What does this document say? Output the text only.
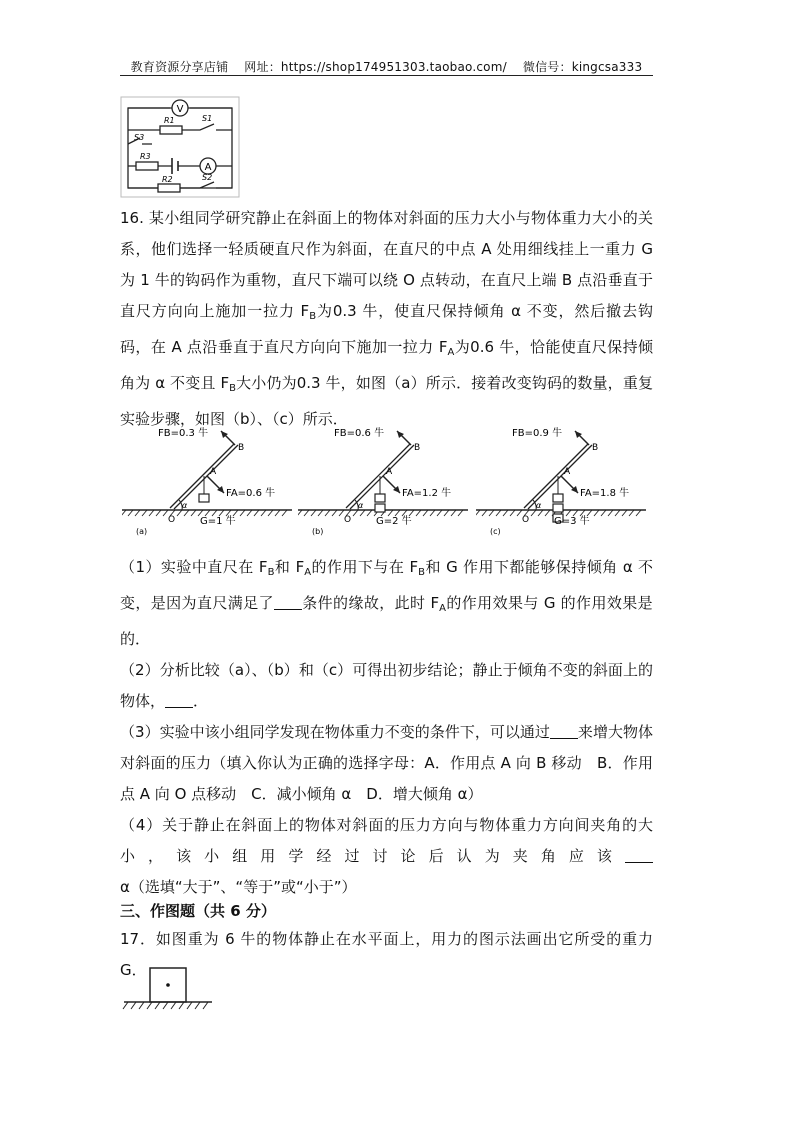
教育资源分享店铺 网址：https://shop174951303.taobao.com/ 微信号：kingcsa333
V
A
R1	S1
S3
R3
R2	S2

16. 某小组同学研究静止在斜面上的物体对斜面的压力大小与物体重力大小的关系，他们选择一轻质硬直尺作为斜面，在直尺的中点 A 处用细线挂上一重力 G 为 1 牛的钩码作为重物，直尺下端可以绕 O 点转动，在直尺上端 B 点沿垂直于直尺方向向上施加一拉力 $F_B$为0.3 牛，使直尺保持倾角 α 不变，然后撤去钩码，在 A 点沿垂直于直尺方向向下施加一拉力 $F_A$为0.6 牛，恰能使直尺保持倾角为 α 不变且 $F_B$大小仍为0.3 牛，如图（a）所示．接着改变钩码的数量，重复实验步骤，如图（b）、（c）所示．

FB=0.3 牛
FA=0.6 牛
A
B
G=1 牛
O
α
(a)
FB=0.6 牛
FA=1.2 牛
A
B
G=2 牛
O
α
(b)
FB=0.9 牛
FA=1.8 牛
A
B
G=3 牛
O
α
(c)

（1）实验中直尺在 $F_B$和 $F_A$的作用下与在 $F_B$和 G 作用下都能够保持倾角 α 不变，是因为直尺满足了 条件的缘故，此时 $F_A$的作用效果与 G 的作用效果是的．

（2）分析比较（a）、（b）和（c）可得出初步结论；静止于倾角不变的斜面上的物体， ．

（3）实验中该小组同学发现在物体重力不变的条件下，可以通过 来增大物体对斜面的压力（填入你认为正确的选择字母：A．作用点 A 向 B 移动　B．作用点 A 向 O 点移动　C．减小倾角 α　D．增大倾角 α）

（4）关于静止在斜面上的物体对斜面的压力方向与物体重力方向间夹角的大小，该小组用学经过讨论后认为夹角应该α（选填“大于”、“等于”或“小于”）

三、作图题（共 6 分）

17．如图重为 6 牛的物体静止在水平面上，用力的图示法画出它所受的重力 G．
